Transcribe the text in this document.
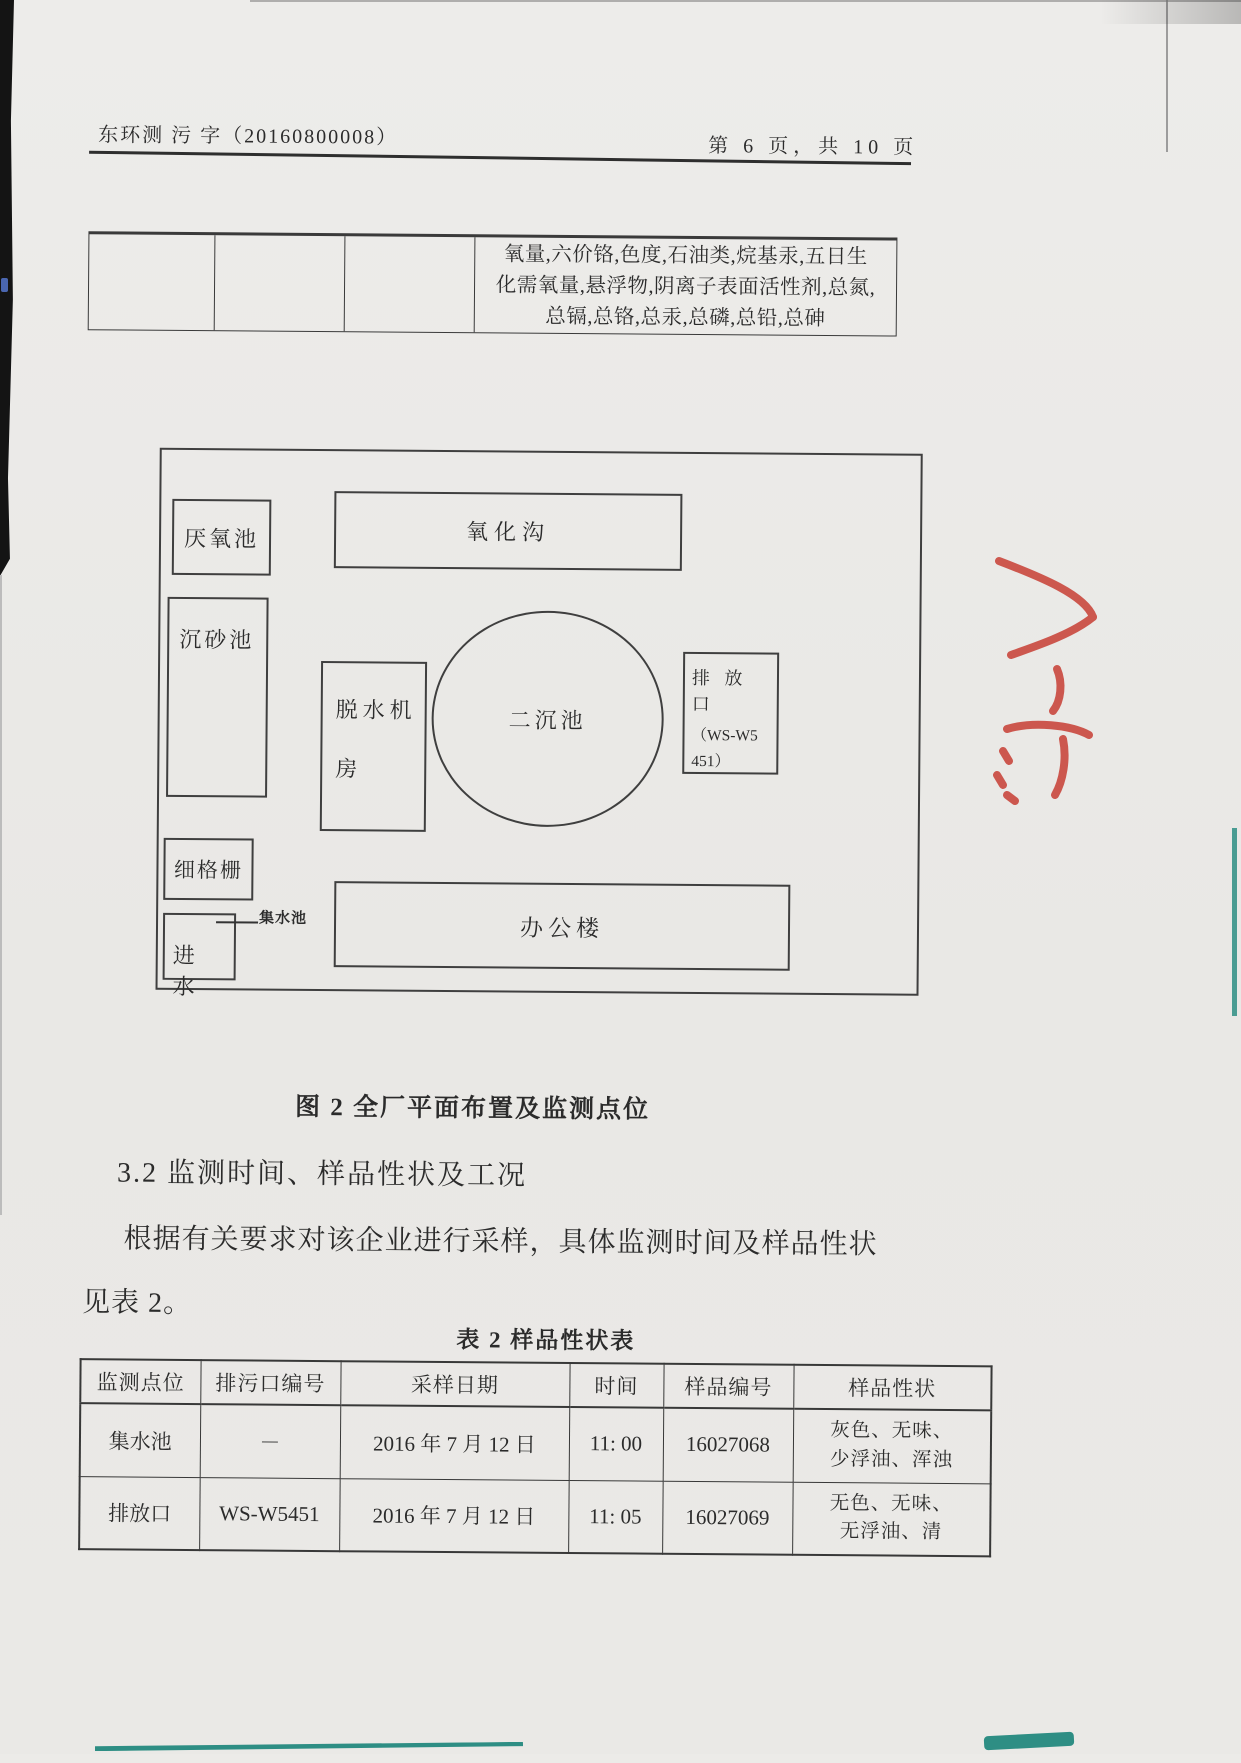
东环测 污 字（20160800008）	第 6 页，共 10 页
氧量,六价铬,色度,石油类,烷基汞,五日生
化需氧量,悬浮物,阴离子表面活性剂,总氮,
总镉,总铬,总汞,总磷,总铅,总砷
厌氧池	氧化沟
沉砂池
脱水机
房
二沉池
排 放 口
（WS-W5
451）
细格栅
进 水
集水池	办公楼
图 2 全厂平面布置及监测点位
3.2 监测时间、样品性状及工况
根据有关要求对该企业进行采样，具体监测时间及样品性状
见表 2。
表 2 样品性状表
监测点位	排污口编号	采样日期	时间	样品编号	样品性状
集水池	－	2016 年 7 月 12 日	11: 00	16027068	灰色、无味、
少浮油、浑浊

排放口	WS-W5451	2016 年 7 月 12 日	11: 05	16027069	无色、无味、
无浮油、清
